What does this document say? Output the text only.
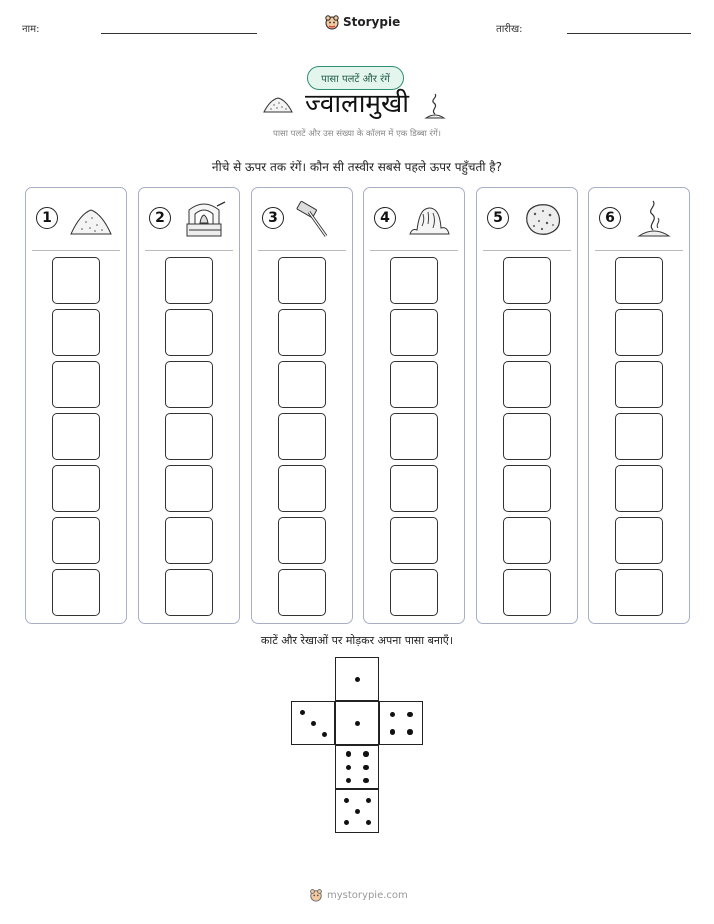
नाम:
Storypie
तारीख:
पासा पलटें और रंगें
ज्वालामुखी
पासा पलटें और उस संख्या के कॉलम में एक डिब्बा रंगें।
नीचे से ऊपर तक रंगें। कौन सी तस्वीर सबसे पहले ऊपर पहुँचती है?
1	2	3	4	5	6
काटें और रेखाओं पर मोड़कर अपना पासा बनाएँ।
mystorypie.com
